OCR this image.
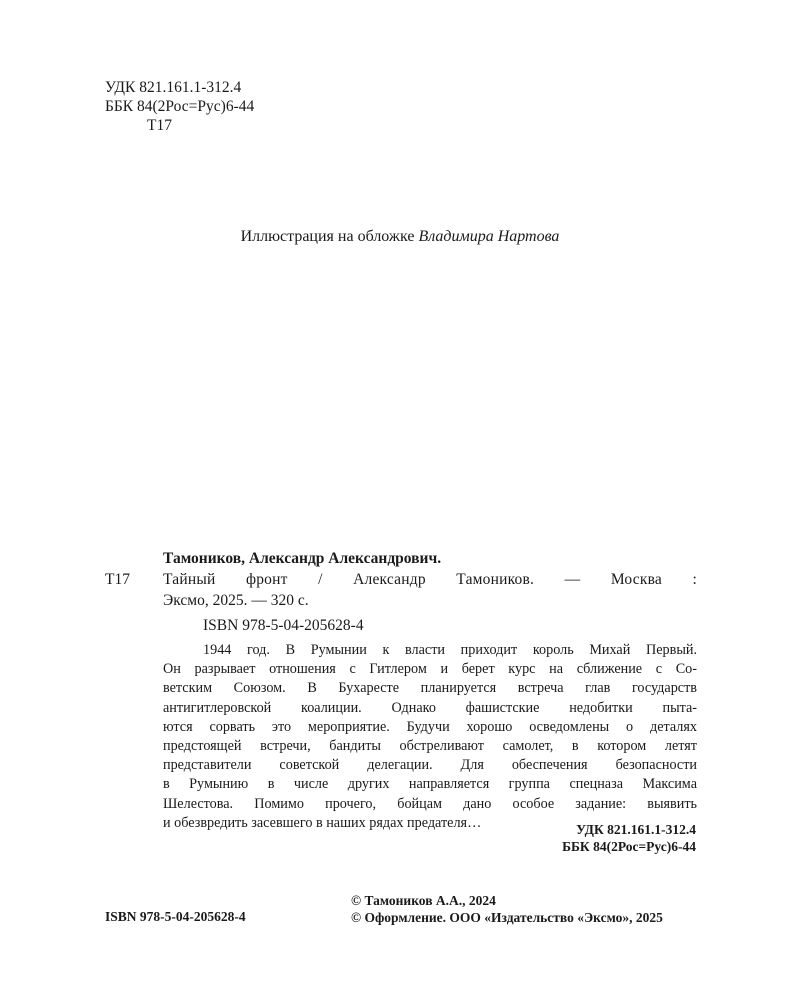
УДК 821.161.1-312.4
ББК 84(2Рос=Рус)6-44
Т17
Иллюстрация на обложке Владимира Нартова
Тамоников, Александр Александрович.
Т17 Тайный фронт / Александр Тамоников. — Москва :
Эксмо, 2025. — 320 с.
ISBN 978-5-04-205628-4
1944 год. В Румынии к власти приходит король Михай Первый.
Он разрывает отношения с Гитлером и берет курс на сближение с Со-
ветским Союзом. В Бухаресте планируется встреча глав государств
антигитлеровской коалиции. Однако фашистские недобитки пыта-
ются сорвать это мероприятие. Будучи хорошо осведомлены о деталях
предстоящей встречи, бандиты обстреливают самолет, в котором летят
представители советской делегации. Для обеспечения безопасности
в Румынию в числе других направляется группа спецназа Максима
Шелестова. Помимо прочего, бойцам дано особое задание: выявить
и обезвредить засевшего в наших рядах предателя…	УДК 821.161.1-312.4
ББК 84(2Рос=Рус)6-44
ISBN 978-5-04-205628-4
© Тамоников А.А., 2024
© Оформление. ООО «Издательство «Эксмо», 2025
